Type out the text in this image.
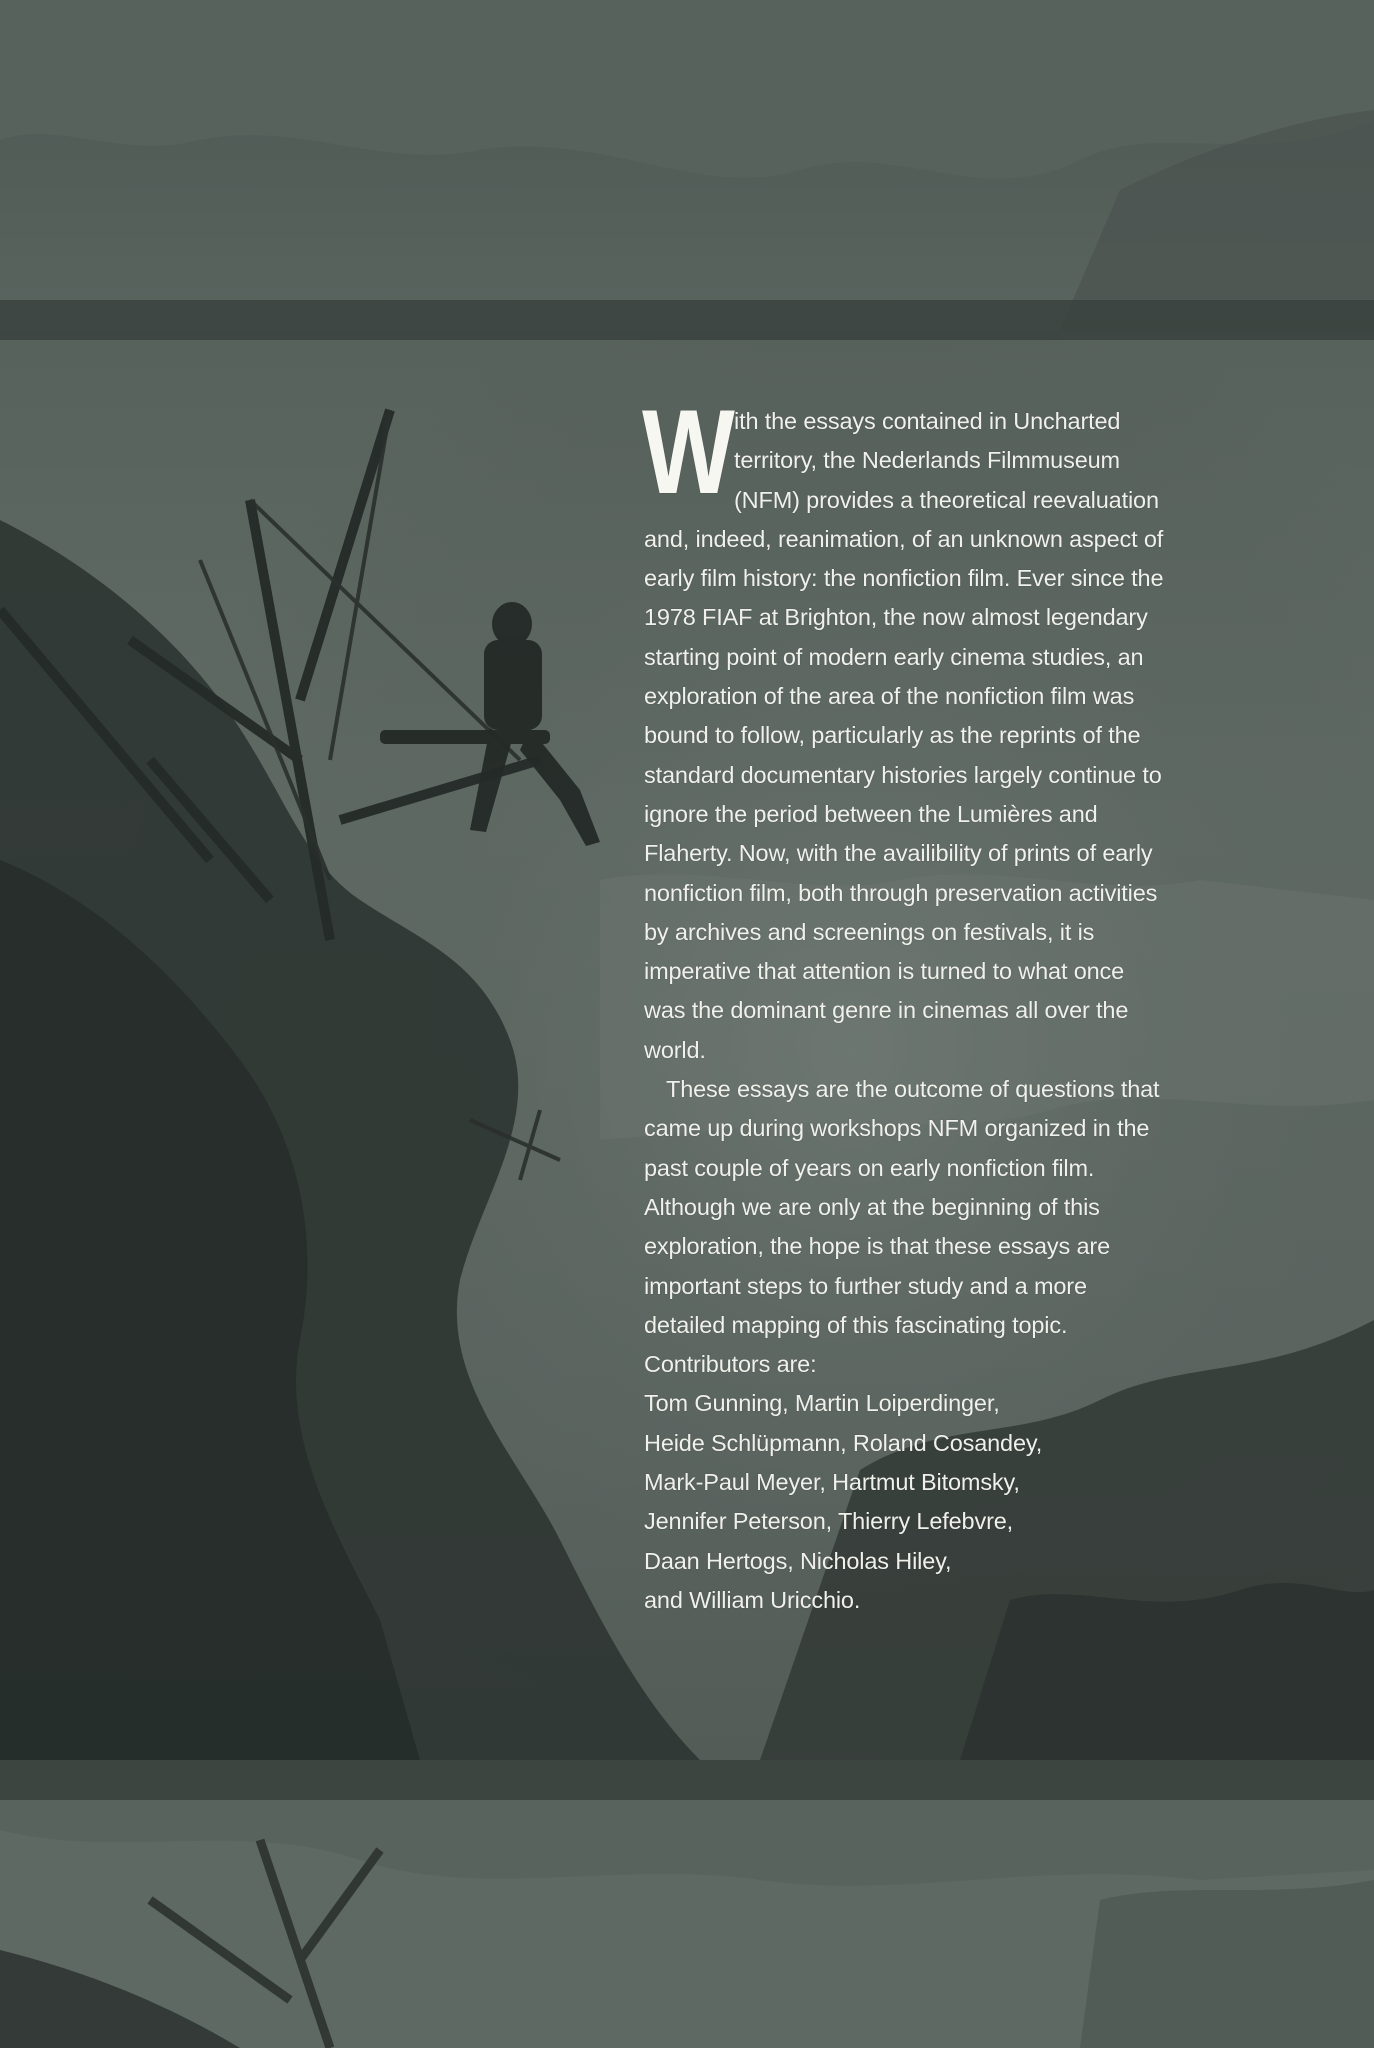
With the essays contained in Uncharted territory, the Nederlands Filmmuseum (NFM) provides a theoretical reevaluation and, indeed, reanimation, of an unknown aspect of early film history: the nonfiction film. Ever since the 1978 FIAF at Brighton, the now almost legendary starting point of modern early cinema studies, an exploration of the area of the nonfiction film was bound to follow, particularly as the reprints of the standard documentary histories largely continue to ignore the period between the Lumières and Flaherty. Now, with the availibility of prints of early nonfiction film, both through preservation activities by archives and screenings on festivals, it is imperative that attention is turned to what once was the dominant genre in cinemas all over the world.

These essays are the outcome of questions that came up during workshops NFM organized in the past couple of years on early nonfiction film. Although we are only at the beginning of this exploration, the hope is that these essays are important steps to further study and a more detailed mapping of this fascinating topic. Contributors are:

Tom Gunning, Martin Loiperdinger,
Heide Schlüpmann, Roland Cosandey,
Mark-Paul Meyer, Hartmut Bitomsky,
Jennifer Peterson, Thierry Lefebvre,
Daan Hertogs, Nicholas Hiley,
and William Uricchio.
